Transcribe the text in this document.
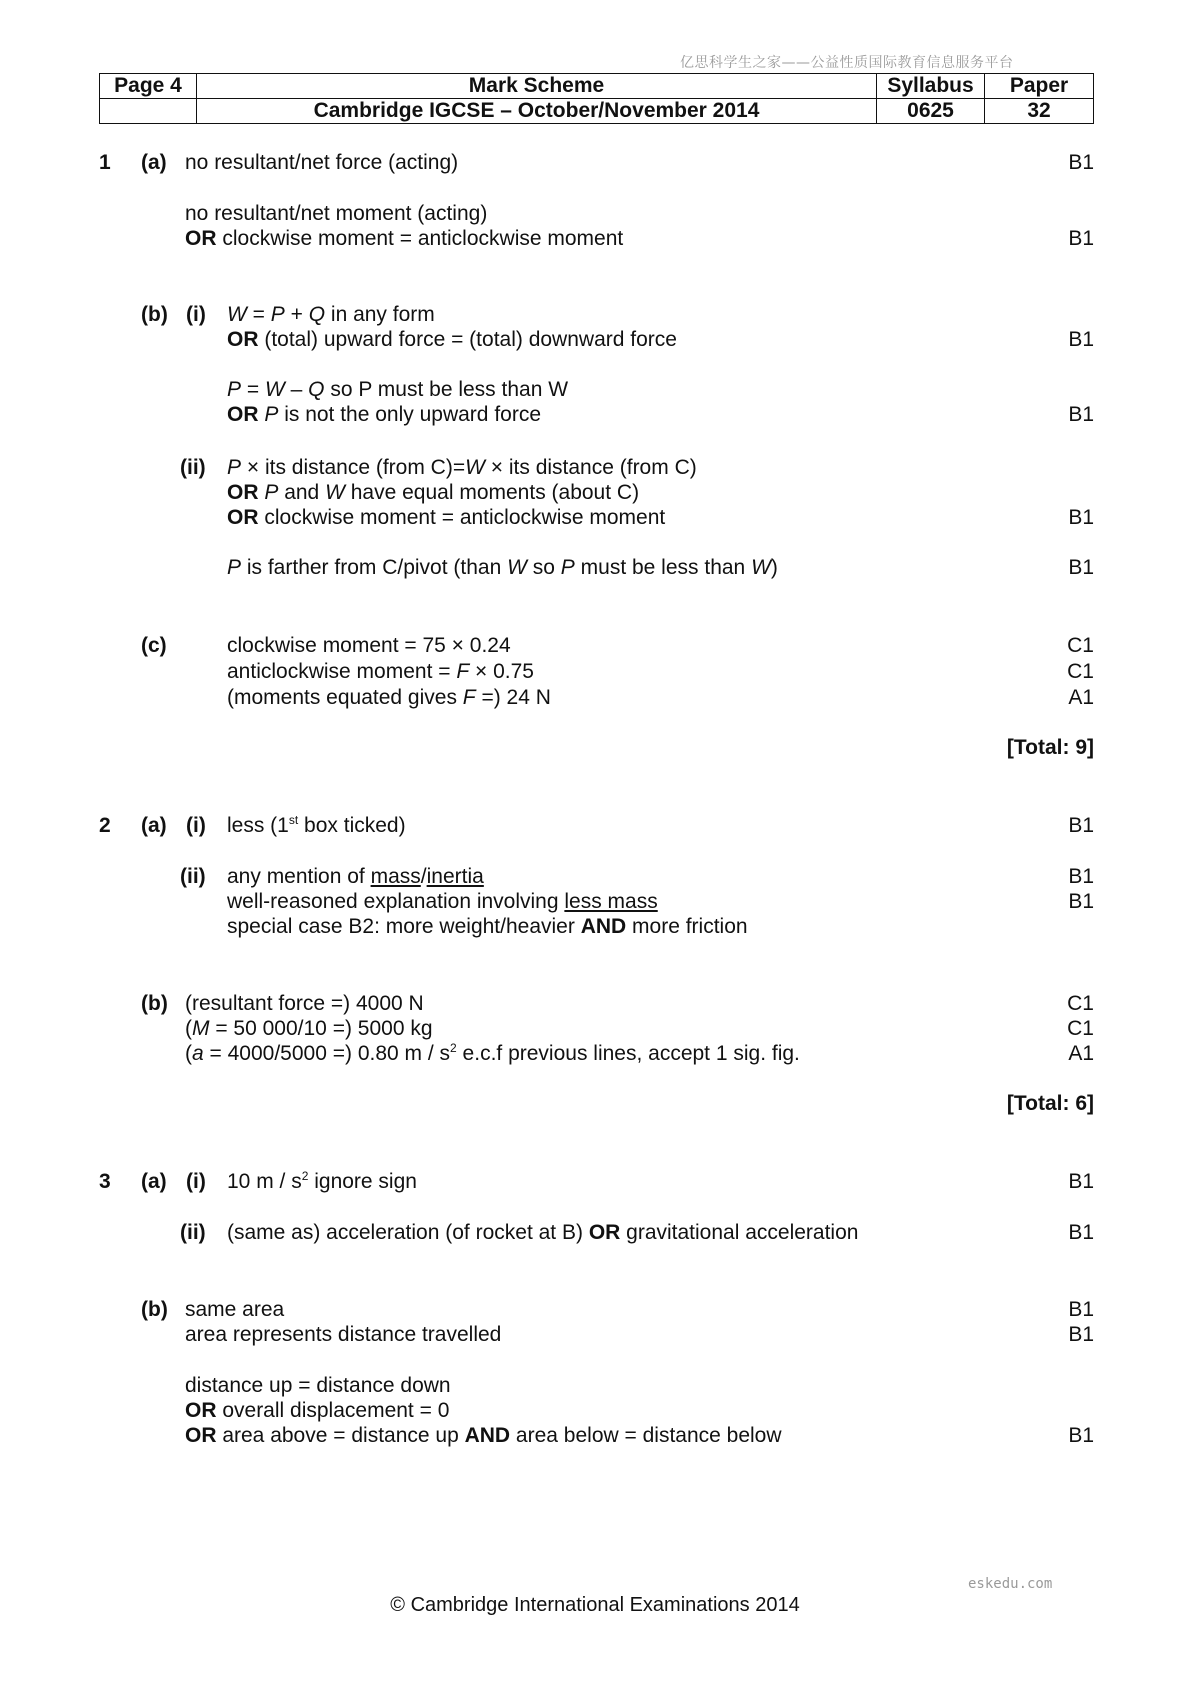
亿思科学生之家——公益性质国际教育信息服务平台
Page 4	Mark Scheme	Syllabus	Paper
	Cambridge IGCSE – October/November 2014	0625	32
1 (a) no resultant/net force (acting)	B1
no resultant/net moment (acting)
OR clockwise moment = anticlockwise moment	B1
(b) (i) W = P + Q in any form
OR (total) upward force = (total) downward force	B1
P = W – Q so P must be less than W
OR P is not the only upward force	B1
(ii) P × its distance (from C)=W × its distance (from C)
OR P and W have equal moments (about C)
OR clockwise moment = anticlockwise moment	B1
P is farther from C/pivot (than W so P must be less than W)	B1
(c)	clockwise moment = 75 × 0.24	C1
anticlockwise moment = F × 0.75	C1
(moments equated gives F =) 24 N	A1
[Total: 9]
2 (a) (i) less (1st box ticked)	B1
(ii) any mention of mass/inertia	B1
well-reasoned explanation involving less mass	B1
special case B2: more weight/heavier AND more friction
(b) (resultant force =) 4000 N	C1
(M = 50 000/10 =) 5000 kg	C1
(a = 4000/5000 =) 0.80 m / $s^2$ e.c.f previous lines, accept 1 sig. fig.	A1
[Total: 6]
3 (a) (i) 10 m / $s^2$ ignore sign	B1
(ii) (same as) acceleration (of rocket at B) OR gravitational acceleration	B1
(b) same area	B1
area represents distance travelled	B1
distance up = distance down
OR overall displacement = 0
OR area above = distance up AND area below = distance below	B1
eskedu.com
© Cambridge International Examinations 2014
